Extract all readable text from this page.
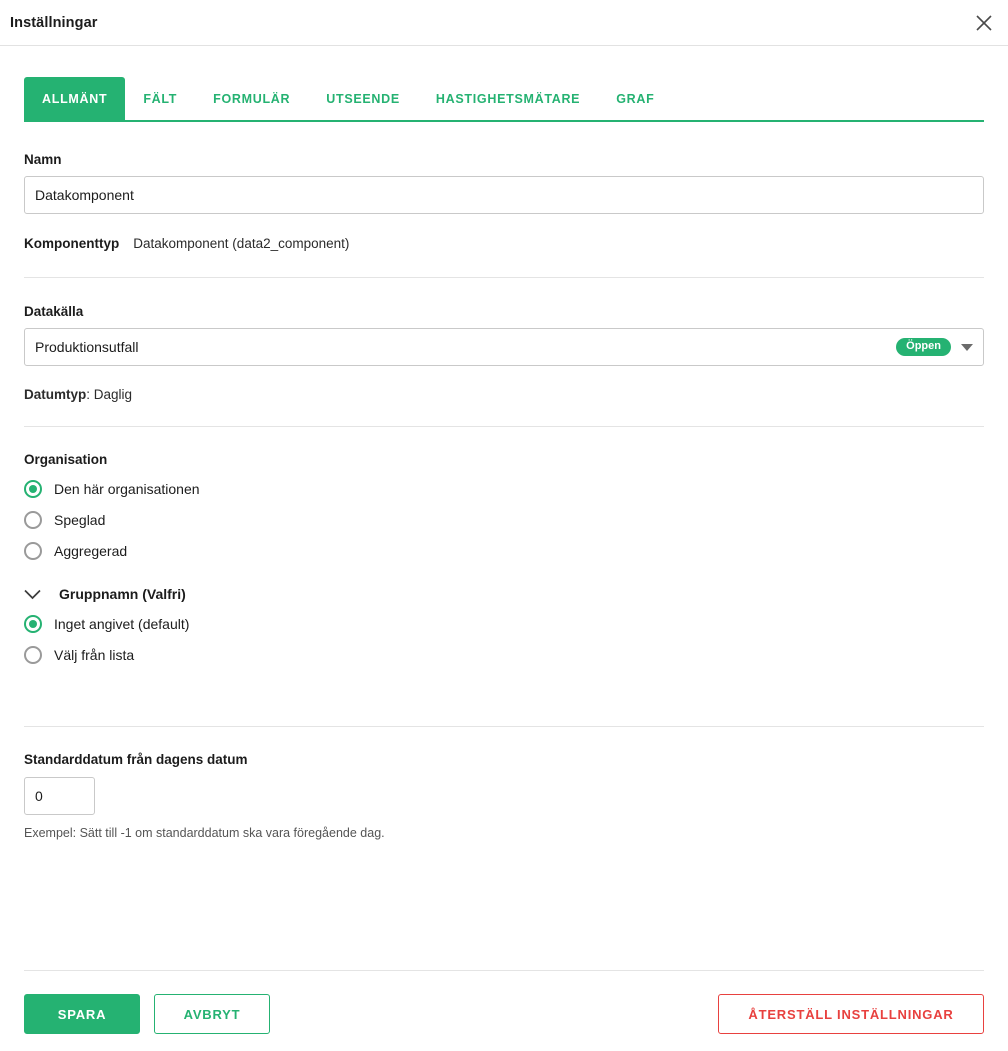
Inställningar
ALLMÄNT	FÄLT	FORMULÄR	UTSEENDE	HASTIGHETSMÄTARE	GRAF
Namn
Datakomponent
Komponenttyp Datakomponent (data2_component)
Datakälla
Produktionsutfall	Öppen
Datumtyp: Daglig
Organisation
Den här organisationen
Speglad
Aggregerad
Gruppnamn (Valfri)
Inget angivet (default)
Välj från lista
Standarddatum från dagens datum
0
Exempel: Sätt till -1 om standarddatum ska vara föregående dag.
SPARA	AVBRYT	ÅTERSTÄLL INSTÄLLNINGAR
